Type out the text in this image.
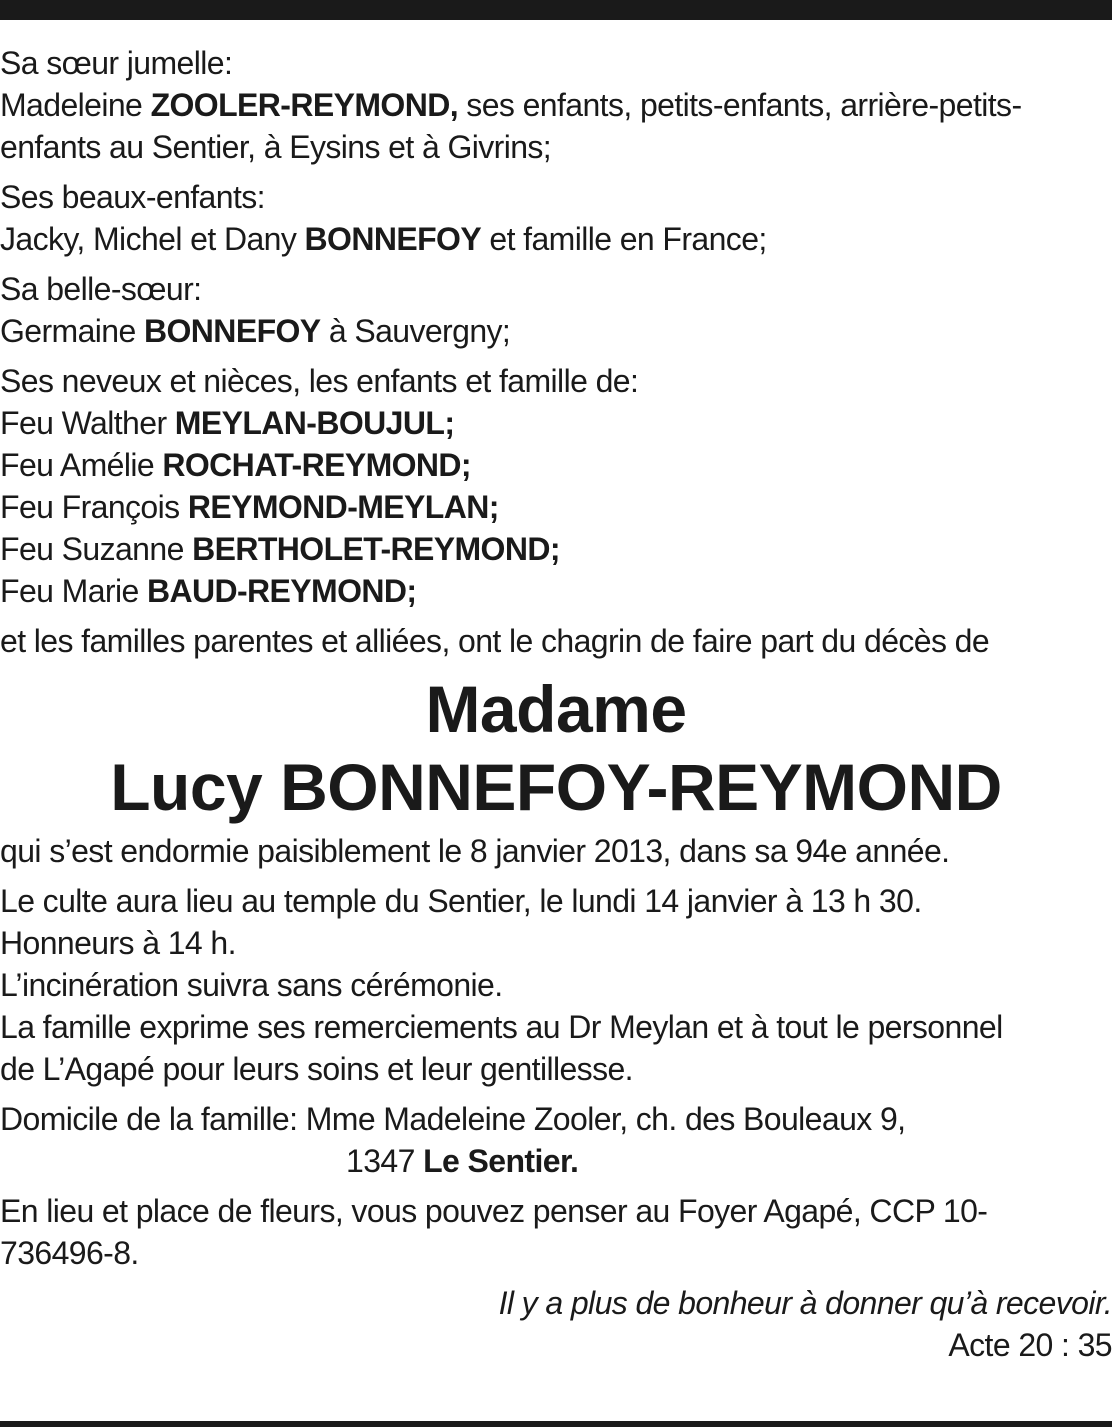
Sa sœur jumelle:
Madeleine ZOOLER-REYMOND, ses enfants, petits-enfants, arrière-petits-
enfants au Sentier, à Eysins et à Givrins;
Ses beaux-enfants:
Jacky, Michel et Dany BONNEFOY et famille en France;
Sa belle-sœur:
Germaine BONNEFOY à Sauvergny;
Ses neveux et nièces, les enfants et famille de:
Feu Walther MEYLAN-BOUJUL;
Feu Amélie ROCHAT-REYMOND;
Feu François REYMOND-MEYLAN;
Feu Suzanne BERTHOLET-REYMOND;
Feu Marie BAUD-REYMOND;
et les familles parentes et alliées, ont le chagrin de faire part du décès de
Madame
Lucy BONNEFOY-REYMOND
qui s’est endormie paisiblement le 8 janvier 2013, dans sa 94e année.
Le culte aura lieu au temple du Sentier, le lundi 14 janvier à 13 h 30.
Honneurs à 14 h.
L’incinération suivra sans cérémonie.
La famille exprime ses remerciements au Dr Meylan et à tout le personnel
de L’Agapé pour leurs soins et leur gentillesse.
Domicile de la famille: Mme Madeleine Zooler, ch. des Bouleaux 9,
1347 Le Sentier.
En lieu et place de fleurs, vous pouvez penser au Foyer Agapé, CCP 10-
736496-8.
Il y a plus de bonheur à donner qu’à recevoir.
Acte 20 : 35
